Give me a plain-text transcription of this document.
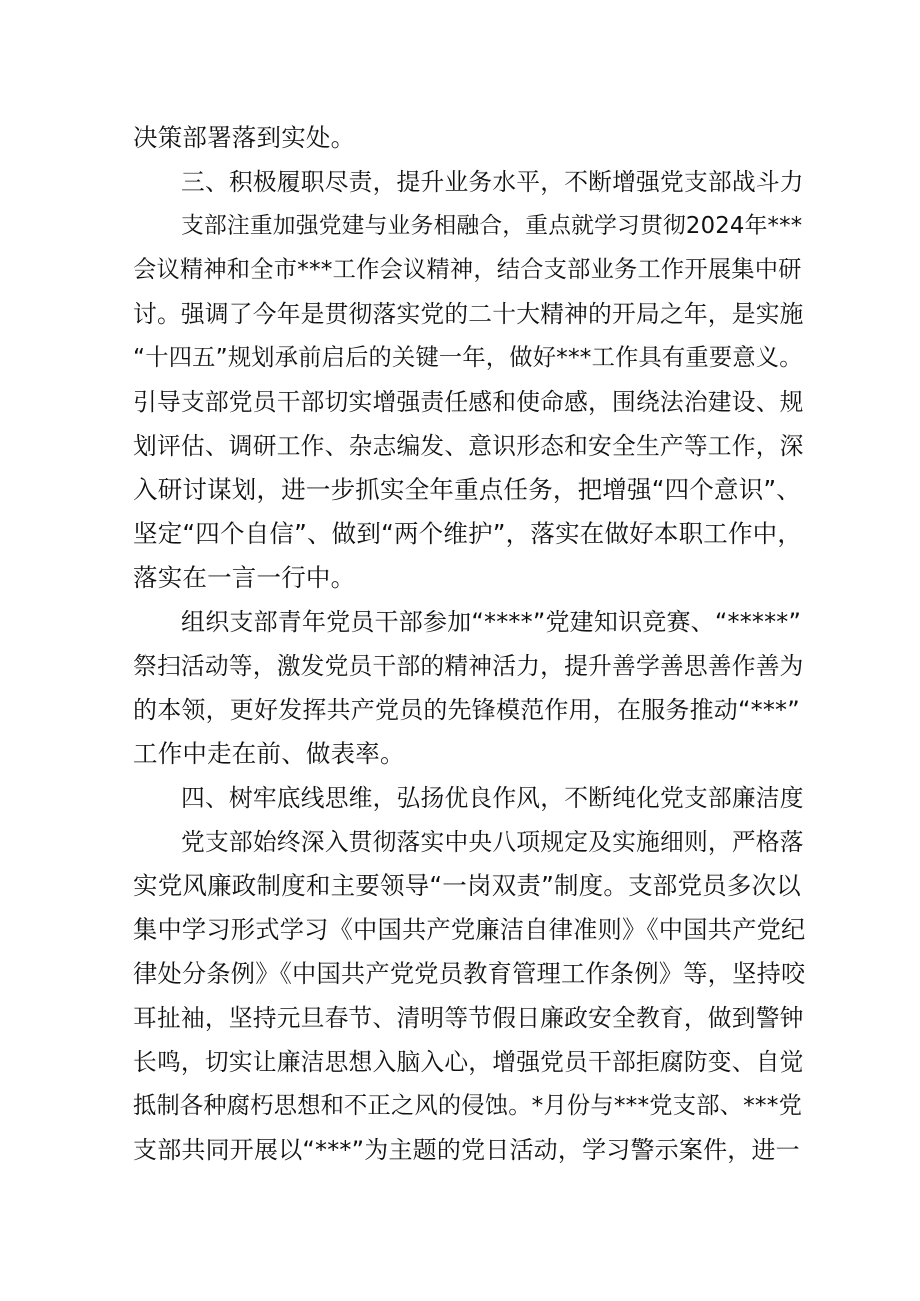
决策部署落到实处。
三、积极履职尽责，提升业务水平，不断增强党支部战斗力
支部注重加强党建与业务相融合，重点就学习贯彻2024年***
会议精神和全市***工作会议精神，结合支部业务工作开展集中研
讨。强调了今年是贯彻落实党的二十大精神的开局之年，是实施
“十四五”规划承前启后的关键一年，做好***工作具有重要意义。
引导支部党员干部切实增强责任感和使命感，围绕法治建设、规
划评估、调研工作、杂志编发、意识形态和安全生产等工作，深
入研讨谋划，进一步抓实全年重点任务，把增强“四个意识”、
坚定“四个自信”、做到“两个维护”，落实在做好本职工作中，
落实在一言一行中。
组织支部青年党员干部参加“****”党建知识竞赛、“*****”
祭扫活动等，激发党员干部的精神活力，提升善学善思善作善为
的本领，更好发挥共产党员的先锋模范作用，在服务推动“***”
工作中走在前、做表率。
四、树牢底线思维，弘扬优良作风，不断纯化党支部廉洁度
党支部始终深入贯彻落实中央八项规定及实施细则，严格落
实党风廉政制度和主要领导“一岗双责”制度。支部党员多次以
集中学习形式学习《中国共产党廉洁自律准则》《中国共产党纪
律处分条例》《中国共产党党员教育管理工作条例》等，坚持咬
耳扯袖，坚持元旦春节、清明等节假日廉政安全教育，做到警钟
长鸣，切实让廉洁思想入脑入心，增强党员干部拒腐防变、自觉
抵制各种腐朽思想和不正之风的侵蚀。*月份与***党支部、***党
支部共同开展以“***”为主题的党日活动，学习警示案件，进一
